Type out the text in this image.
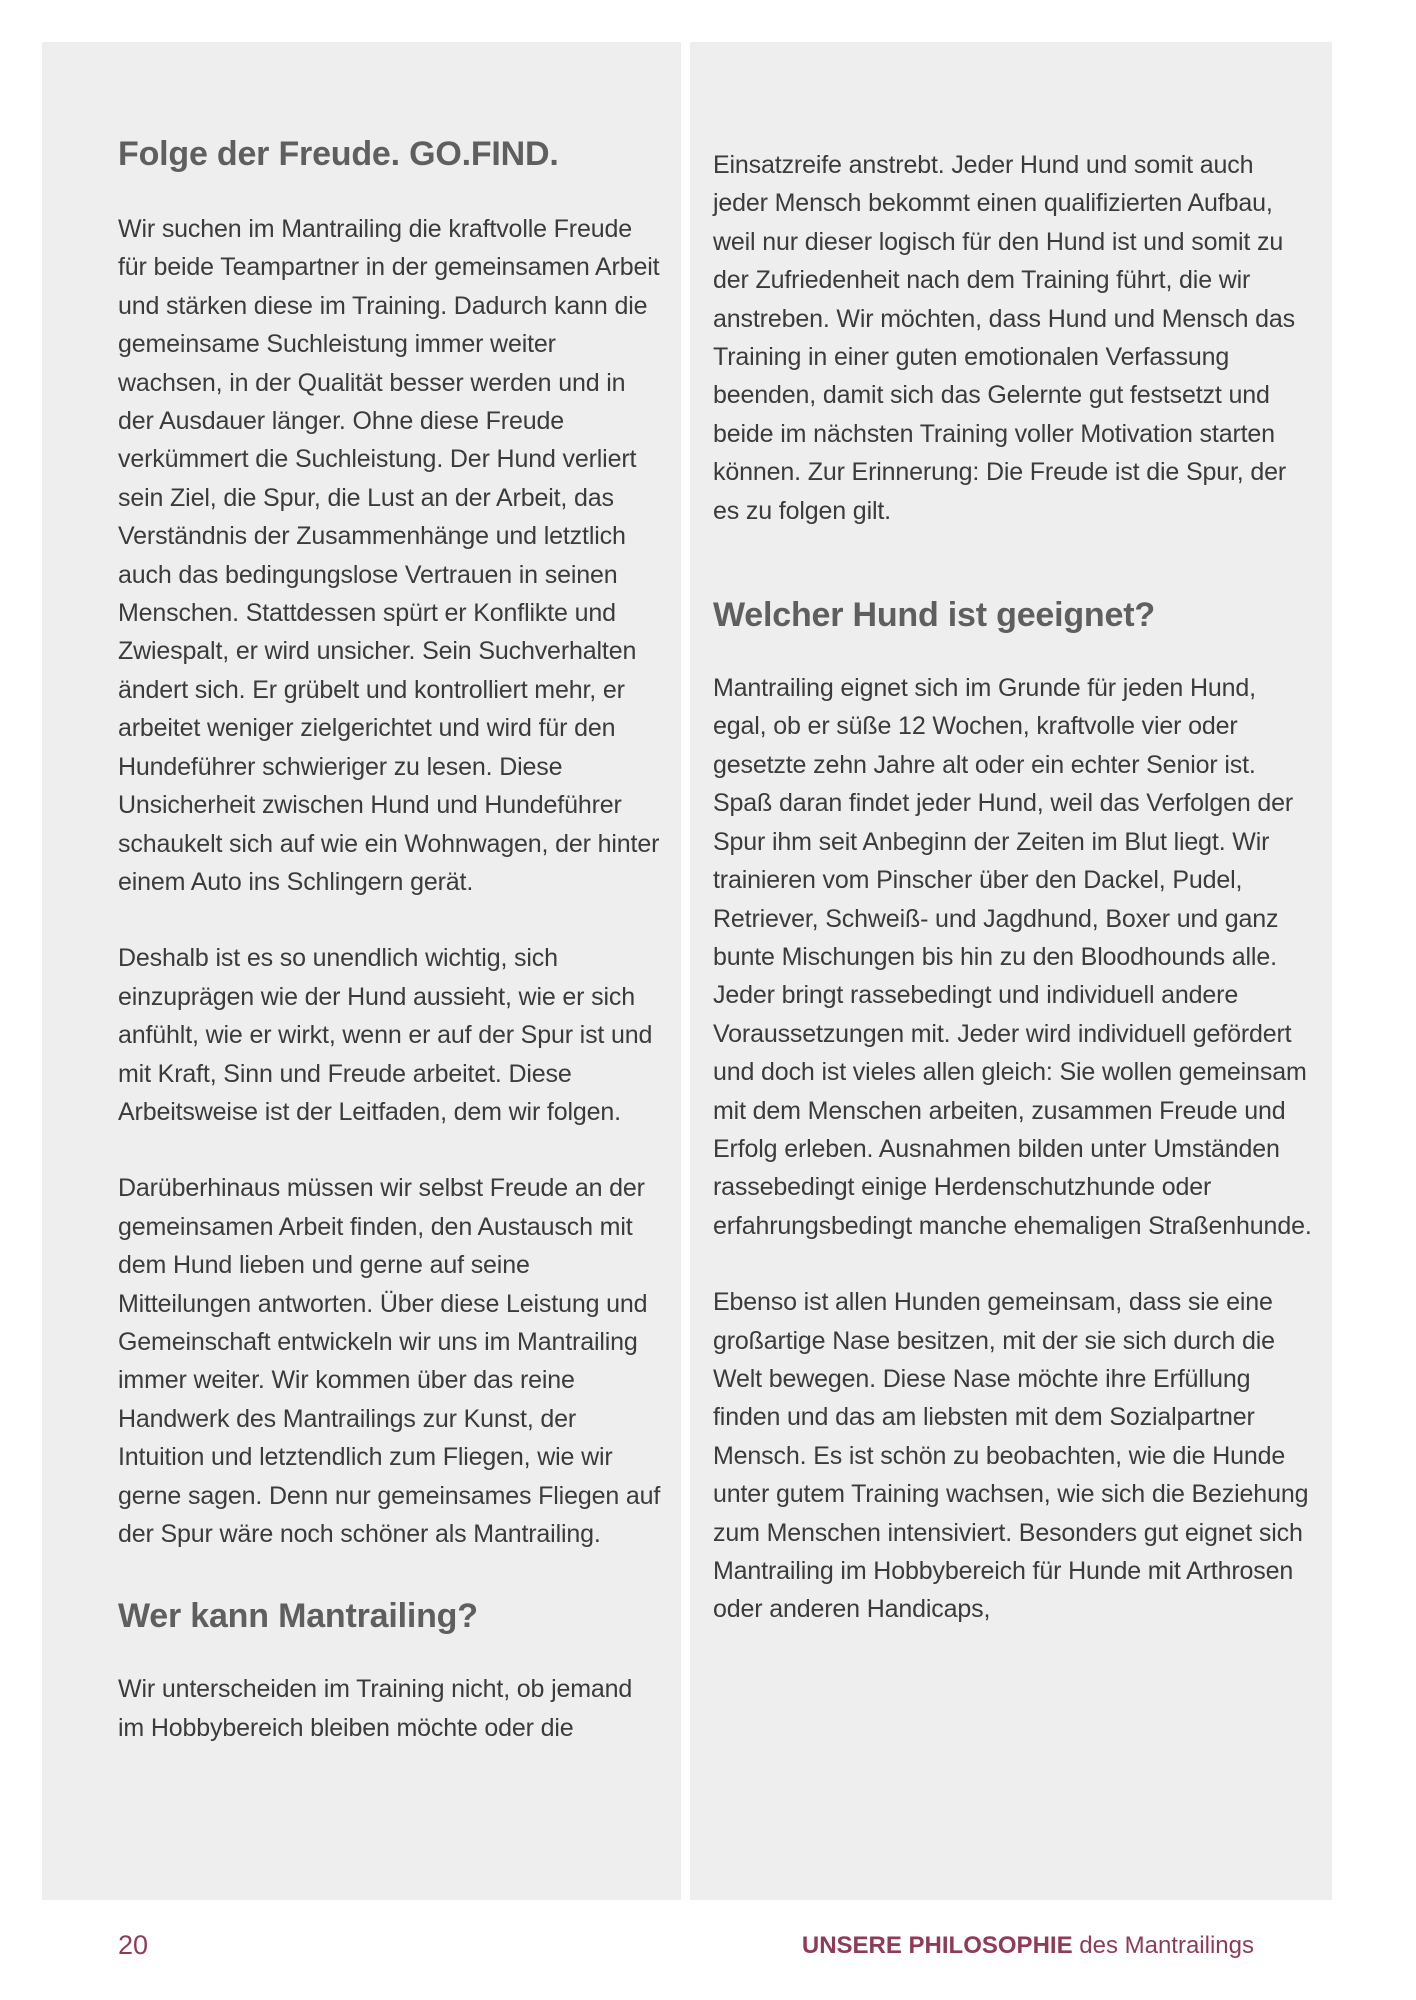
Folge der Freude. GO.FIND.

Wir suchen im Mantrailing die kraftvolle Freude für beide Teampartner in der gemeinsamen Arbeit und stärken diese im Training. Dadurch kann die gemeinsame Suchleistung immer weiter wachsen, in der Qualität besser werden und in der Ausdauer länger. Ohne diese Freude verkümmert die Suchleistung. Der Hund verliert sein Ziel, die Spur, die Lust an der Arbeit, das Verständnis der Zusammenhänge und letztlich auch das bedingungslose Vertrauen in seinen Menschen. Stattdessen spürt er Konflikte und Zwiespalt, er wird unsicher. Sein Suchverhalten ändert sich. Er grübelt und kontrolliert mehr, er arbeitet weniger zielgerichtet und wird für den Hundeführer schwieriger zu lesen. Diese Unsicherheit zwischen Hund und Hundeführer schaukelt sich auf wie ein Wohnwagen, der hinter einem Auto ins Schlingern gerät.

Deshalb ist es so unendlich wichtig, sich einzuprägen wie der Hund aussieht, wie er sich anfühlt, wie er wirkt, wenn er auf der Spur ist und mit Kraft, Sinn und Freude arbeitet. Diese Arbeitsweise ist der Leitfaden, dem wir folgen.

Darüberhinaus müssen wir selbst Freude an der gemeinsamen Arbeit finden, den Austausch mit dem Hund lieben und gerne auf seine Mitteilungen antworten. Über diese Leistung und Gemeinschaft entwickeln wir uns im Mantrailing immer weiter. Wir kommen über das reine Handwerk des Mantrailings zur Kunst, der Intuition und letztendlich zum Fliegen, wie wir gerne sagen. Denn nur gemeinsames Fliegen auf der Spur wäre noch schöner als Mantrailing.

Wer kann Mantrailing?

Wir unterscheiden im Training nicht, ob jemand im Hobbybereich bleiben möchte oder die

Einsatzreife anstrebt. Jeder Hund und somit auch jeder Mensch bekommt einen qualifizierten Aufbau, weil nur dieser logisch für den Hund ist und somit zu der Zufriedenheit nach dem Training führt, die wir anstreben. Wir möchten, dass Hund und Mensch das Training in einer guten emotionalen Verfassung beenden, damit sich das Gelernte gut festsetzt und beide im nächsten Training voller Motivation starten können. Zur Erinnerung: Die Freude ist die Spur, der es zu folgen gilt.

Welcher Hund ist geeignet?

Mantrailing eignet sich im Grunde für jeden Hund, egal, ob er süße 12 Wochen, kraftvolle vier oder gesetzte zehn Jahre alt oder ein echter Senior ist. Spaß daran findet jeder Hund, weil das Verfolgen der Spur ihm seit Anbeginn der Zeiten im Blut liegt. Wir trainieren vom Pinscher über den Dackel, Pudel, Retriever, Schweiß- und Jagdhund, Boxer und ganz bunte Mischungen bis hin zu den Bloodhounds alle. Jeder bringt rassebedingt und individuell andere Voraussetzungen mit. Jeder wird individuell gefördert und doch ist vieles allen gleich: Sie wollen gemeinsam mit dem Menschen arbeiten, zusammen Freude und Erfolg erleben. Ausnahmen bilden unter Umständen rassebedingt einige Herdenschutzhunde oder erfahrungsbedingt manche ehemaligen Straßenhunde.

Ebenso ist allen Hunden gemeinsam, dass sie eine großartige Nase besitzen, mit der sie sich durch die Welt bewegen. Diese Nase möchte ihre Erfüllung finden und das am liebsten mit dem Sozialpartner Mensch. Es ist schön zu beobachten, wie die Hunde unter gutem Training wachsen, wie sich die Beziehung zum Menschen intensiviert. Besonders gut eignet sich Mantrailing im Hobbybereich für Hunde mit Arthrosen oder anderen Handicaps,

20	UNSERE PHILOSOPHIE des Mantrailings
